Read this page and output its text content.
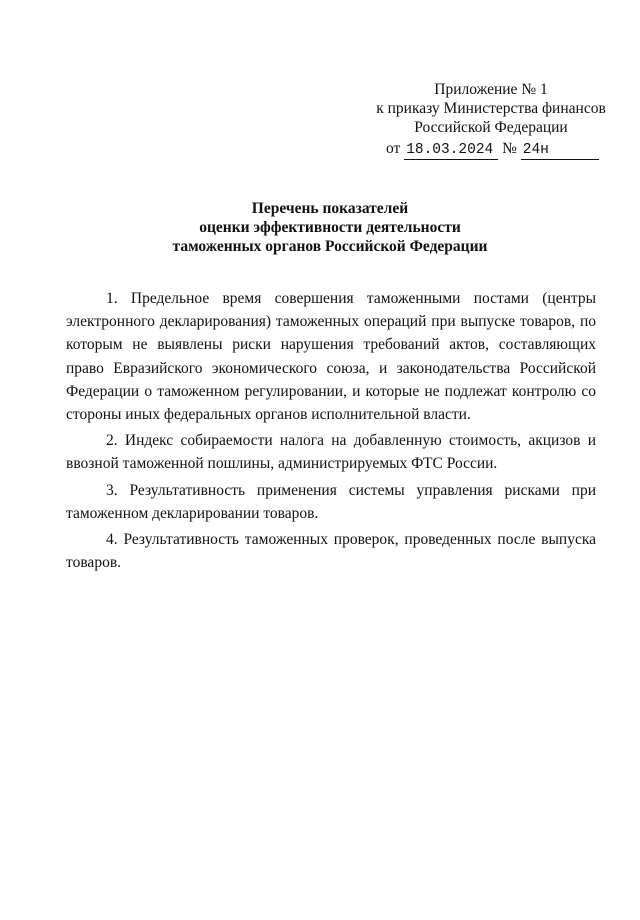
Приложение № 1
к приказу Министерства финансов
Российской Федерации
от 18.03.2024 № 24н
Перечень показателей
оценки эффективности деятельности
таможенных органов Российской Федерации

1. Предельное время совершения таможенными постами (центры электронного декларирования) таможенных операций при выпуске товаров, по которым не выявлены риски нарушения требований актов, составляющих право Евразийского экономического союза, и законодательства Российской Федерации о таможенном регулировании, и которые не подлежат контролю со стороны иных федеральных органов исполнительной власти.

2. Индекс собираемости налога на добавленную стоимость, акцизов и ввозной таможенной пошлины, администрируемых ФТС России.

3. Результативность применения системы управления рисками при таможенном декларировании товаров.

4. Результативность таможенных проверок, проведенных после выпуска товаров.
